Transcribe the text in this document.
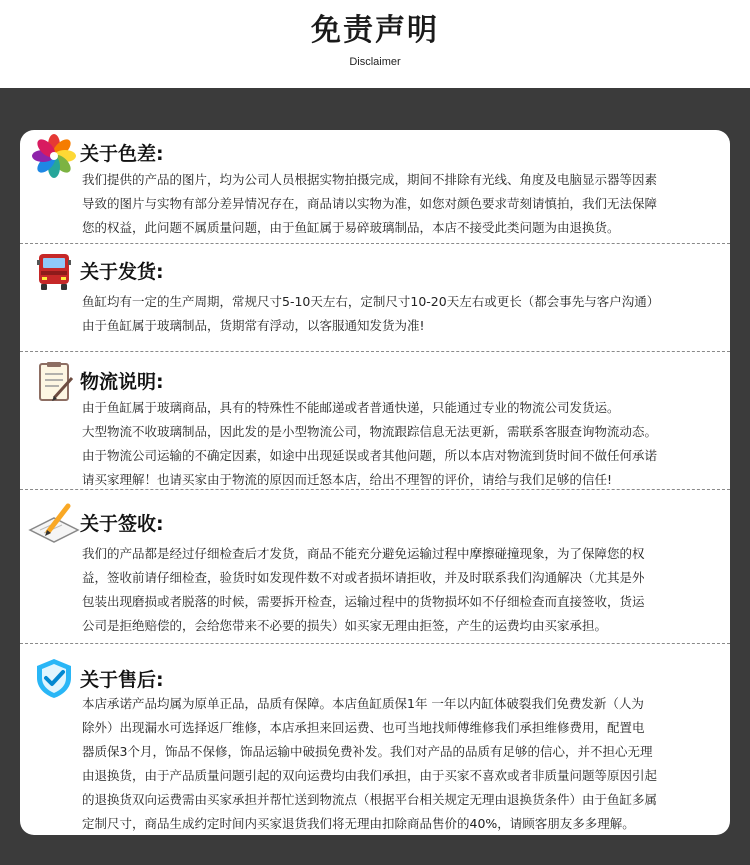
免责声明
Disclaimer
关于色差:

我们提供的产品的图片，均为公司人员根据实物拍摄完成，期间不排除有光线、角度及电脑显示器等因素

导致的图片与实物有部分差异情况存在，商品请以实物为准，如您对颜色要求苛刻请慎拍，我们无法保障

您的权益，此问题不属质量问题，由于鱼缸属于易碎玻璃制品，本店不接受此类问题为由退换货。

关于发货:

鱼缸均有一定的生产周期，常规尺寸5-10天左右，定制尺寸10-20天左右或更长（都会事先与客户沟通）

由于鱼缸属于玻璃制品，货期常有浮动，以客服通知发货为准!

物流说明:

由于鱼缸属于玻璃商品，具有的特殊性不能邮递或者普通快递，只能通过专业的物流公司发货运。

大型物流不收玻璃制品，因此发的是小型物流公司，物流跟踪信息无法更新，需联系客服查询物流动态。

由于物流公司运输的不确定因素，如途中出现延误或者其他问题，所以本店对物流到货时间不做任何承诺

请买家理解！也请买家由于物流的原因而迁怒本店，给出不理智的评价，请给与我们足够的信任!

关于签收:

我们的产品都是经过仔细检查后才发货，商品不能充分避免运输过程中摩擦碰撞现象，为了保障您的权

益，签收前请仔细检查，验货时如发现件数不对或者损坏请拒收，并及时联系我们沟通解决（尤其是外

包装出现磨损或者脱落的时候，需要拆开检查，运输过程中的货物损坏如不仔细检查而直接签收，货运

公司是拒绝赔偿的，会给您带来不必要的损失）如买家无理由拒签，产生的运费均由买家承担。

关于售后:

本店承诺产品均属为原单正品，品质有保障。本店鱼缸质保1年 一年以内缸体破裂我们免费发新（人为

除外）出现漏水可选择返厂维修，本店承担来回运费、也可当地找师傅维修我们承担维修费用，配置电

器质保3个月，饰品不保修，饰品运输中破损免费补发。我们对产品的品质有足够的信心，并不担心无理

由退换货，由于产品质量问题引起的双向运费均由我们承担，由于买家不喜欢或者非质量问题等原因引起

的退换货双向运费需由买家承担并帮忙送到物流点（根据平台相关规定无理由退换货条件）由于鱼缸多属

定制尺寸，商品生成约定时间内买家退货我们将无理由扣除商品售价的40%，请顾客朋友多多理解。
